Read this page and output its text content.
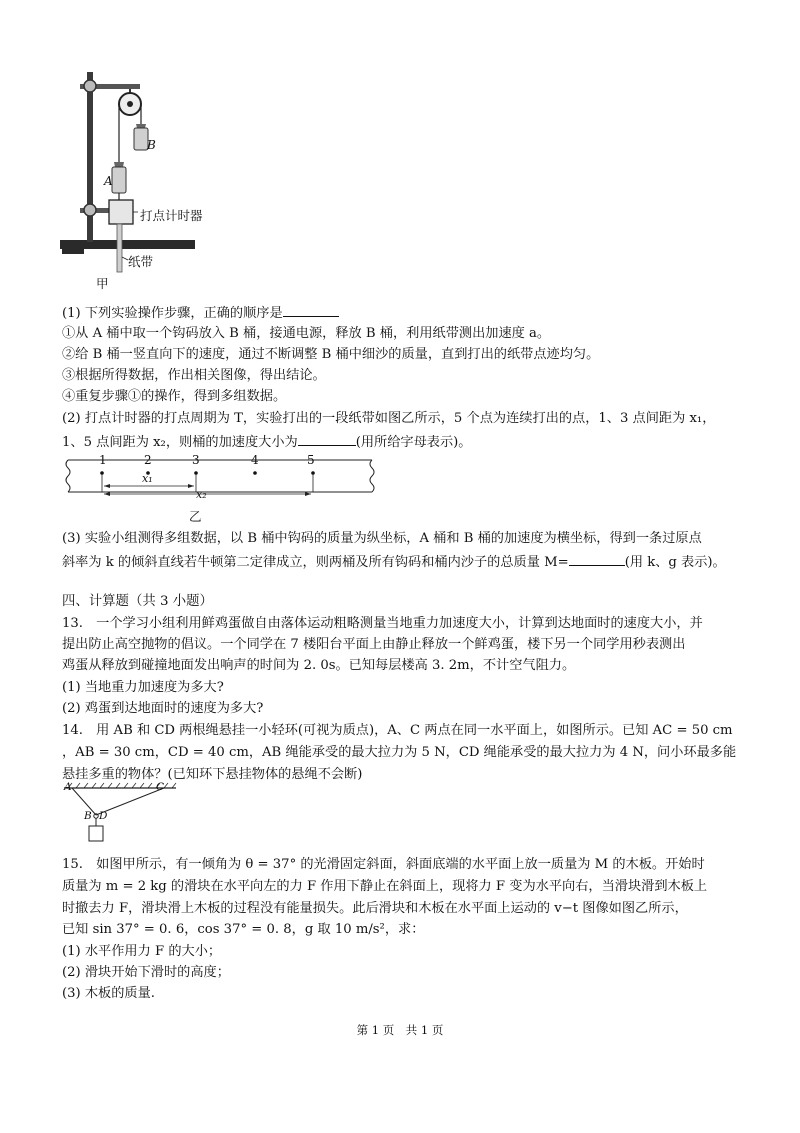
B
A
打点计时器
纸带
甲
(1) 下列实验操作步骤，正确的顺序是
①从 A 桶中取一个钩码放入 B 桶，接通电源，释放 B 桶，利用纸带测出加速度 a。
②给 B 桶一竖直向下的速度，通过不断调整 B 桶中细沙的质量，直到打出的纸带点迹均匀。
③根据所得数据，作出相关图像，得出结论。
④重复步骤①的操作，得到多组数据。
(2) 打点计时器的打点周期为 T，实验打出的一段纸带如图乙所示，5 个点为连续打出的点，1、3 点间距为 x₁，
1、5 点间距为 x₂，则桶的加速度大小为	(用所给字母表示)。
1	2	3	4	5
x₁
x₂
乙
(3) 实验小组测得多组数据，以 B 桶中钩码的质量为纵坐标，A 桶和 B 桶的加速度为横坐标，得到一条过原点
斜率为 k 的倾斜直线若牛顿第二定律成立，则两桶及所有钩码和桶内沙子的总质量 M=	(用 k、g 表示)。
四、计算题（共 3 小题）
13.　一个学习小组利用鲜鸡蛋做自由落体运动粗略测量当地重力加速度大小，计算到达地面时的速度大小，并
提出防止高空抛物的倡议。一个同学在 7 楼阳台平面上由静止释放一个鲜鸡蛋，楼下另一个同学用秒表测出
鸡蛋从释放到碰撞地面发出响声的时间为 2. 0s。已知每层楼高 3. 2m，不计空气阻力。
(1) 当地重力加速度为多大?
(2) 鸡蛋到达地面时的速度为多大?
14.　用 AB 和 CD 两根绳悬挂一小轻环(可视为质点)，A、C 两点在同一水平面上，如图所示。已知 AC = 50 cm
，AB = 30 cm，CD = 40 cm，AB 绳能承受的最大拉力为 5 N，CD 绳能承受的最大拉力为 4 N，问小环最多能
悬挂多重的物体？(已知环下悬挂物体的悬绳不会断)
A	C
B D
15.　如图甲所示，有一倾角为 θ = 37° 的光滑固定斜面，斜面底端的水平面上放一质量为 M 的木板。开始时
质量为 m = 2 kg 的滑块在水平向左的力 F 作用下静止在斜面上，现将力 F 变为水平向右，当滑块滑到木板上
时撤去力 F，滑块滑上木板的过程没有能量损失。此后滑块和木板在水平面上运动的 v−t 图像如图乙所示，
已知 sin 37° = 0. 6，cos 37° = 0. 8，g 取 10 m/s²，求：
(1) 水平作用力 F 的大小；
(2) 滑块开始下滑时的高度；
(3) 木板的质量.
第 1 页　共 1 页
